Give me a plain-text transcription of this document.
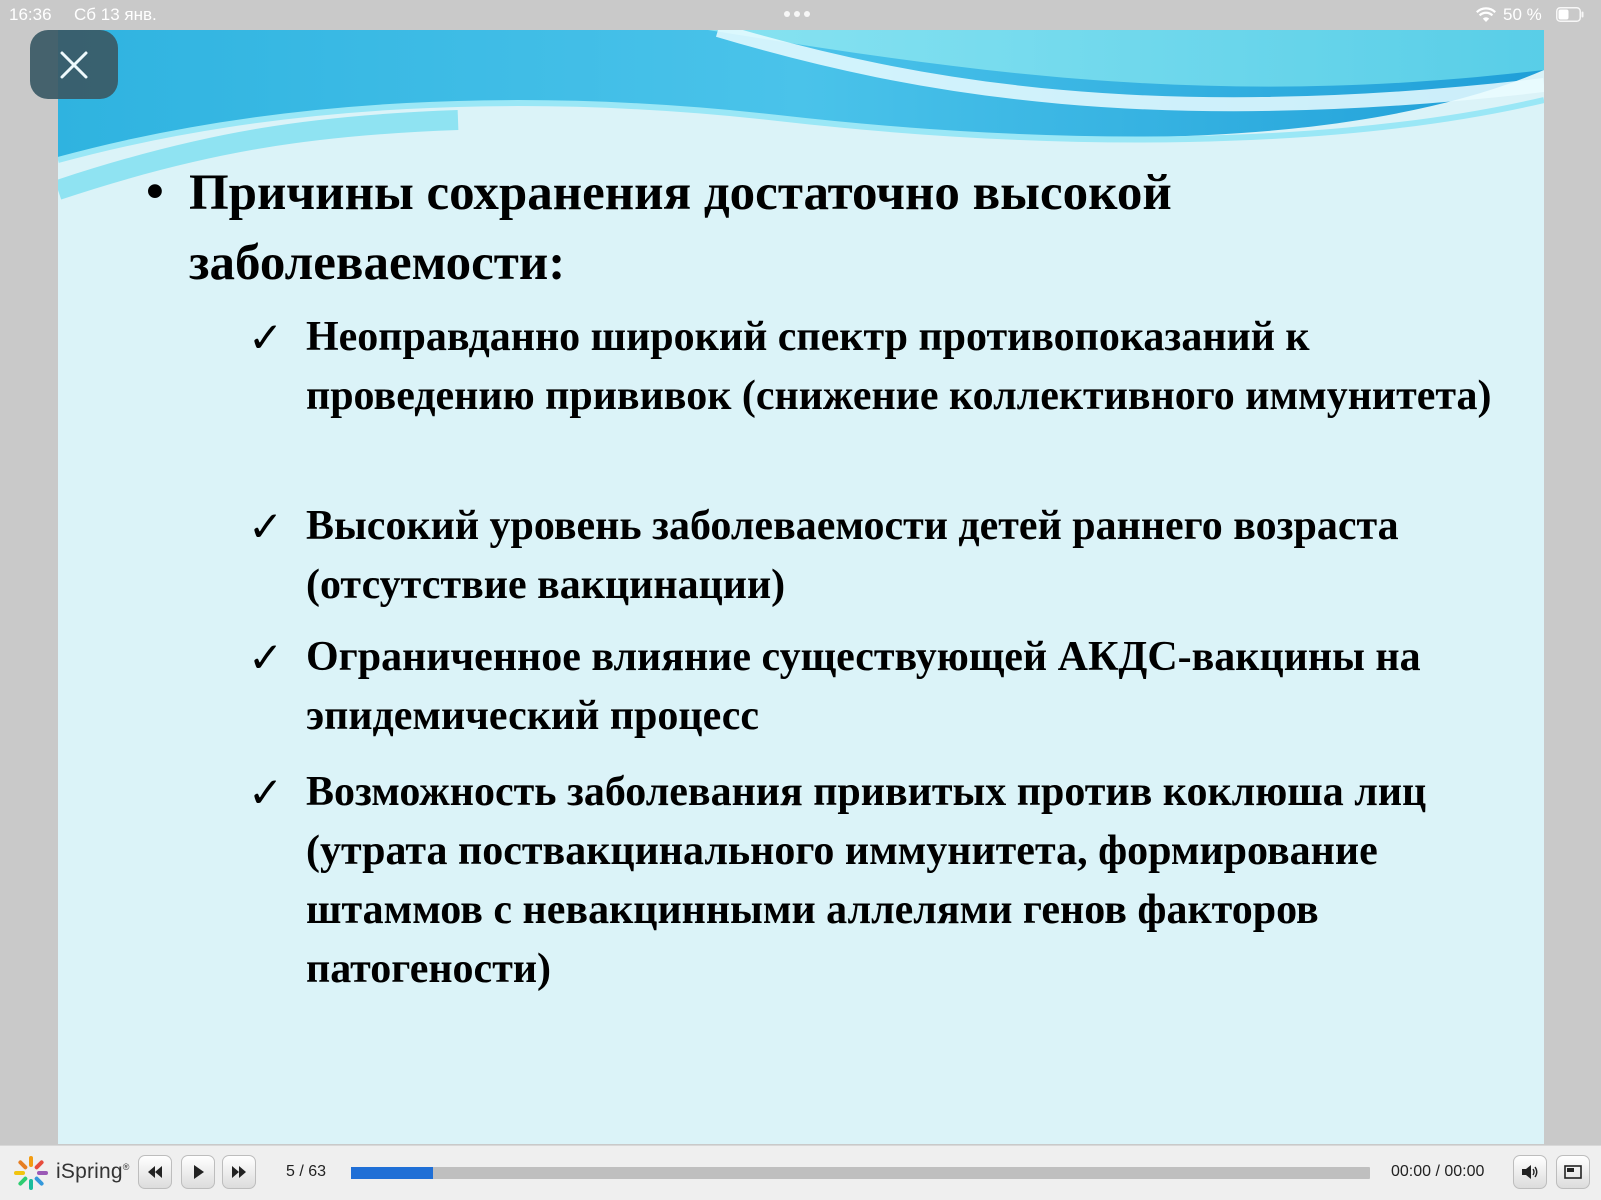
16:36 Сб 13 янв.	50 %
• Причины сохранения достаточно высокой заболеваемости:

✓ Неоправданно широкий спектр противопоказаний к проведению прививок (снижение коллективного иммунитета)
✓ Высокий уровень заболеваемости детей раннего возраста (отсутствие вакцинации)
✓ Ограниченное влияние существующей АКДС-вакцины на эпидемический процесс
✓ Возможность заболевания привитых против коклюша лиц (утрата поствакцинального иммунитета, формирование штаммов с невакцинными аллелями генов факторов патогености)
iSpring®	5 / 63	00:00 / 00:00
